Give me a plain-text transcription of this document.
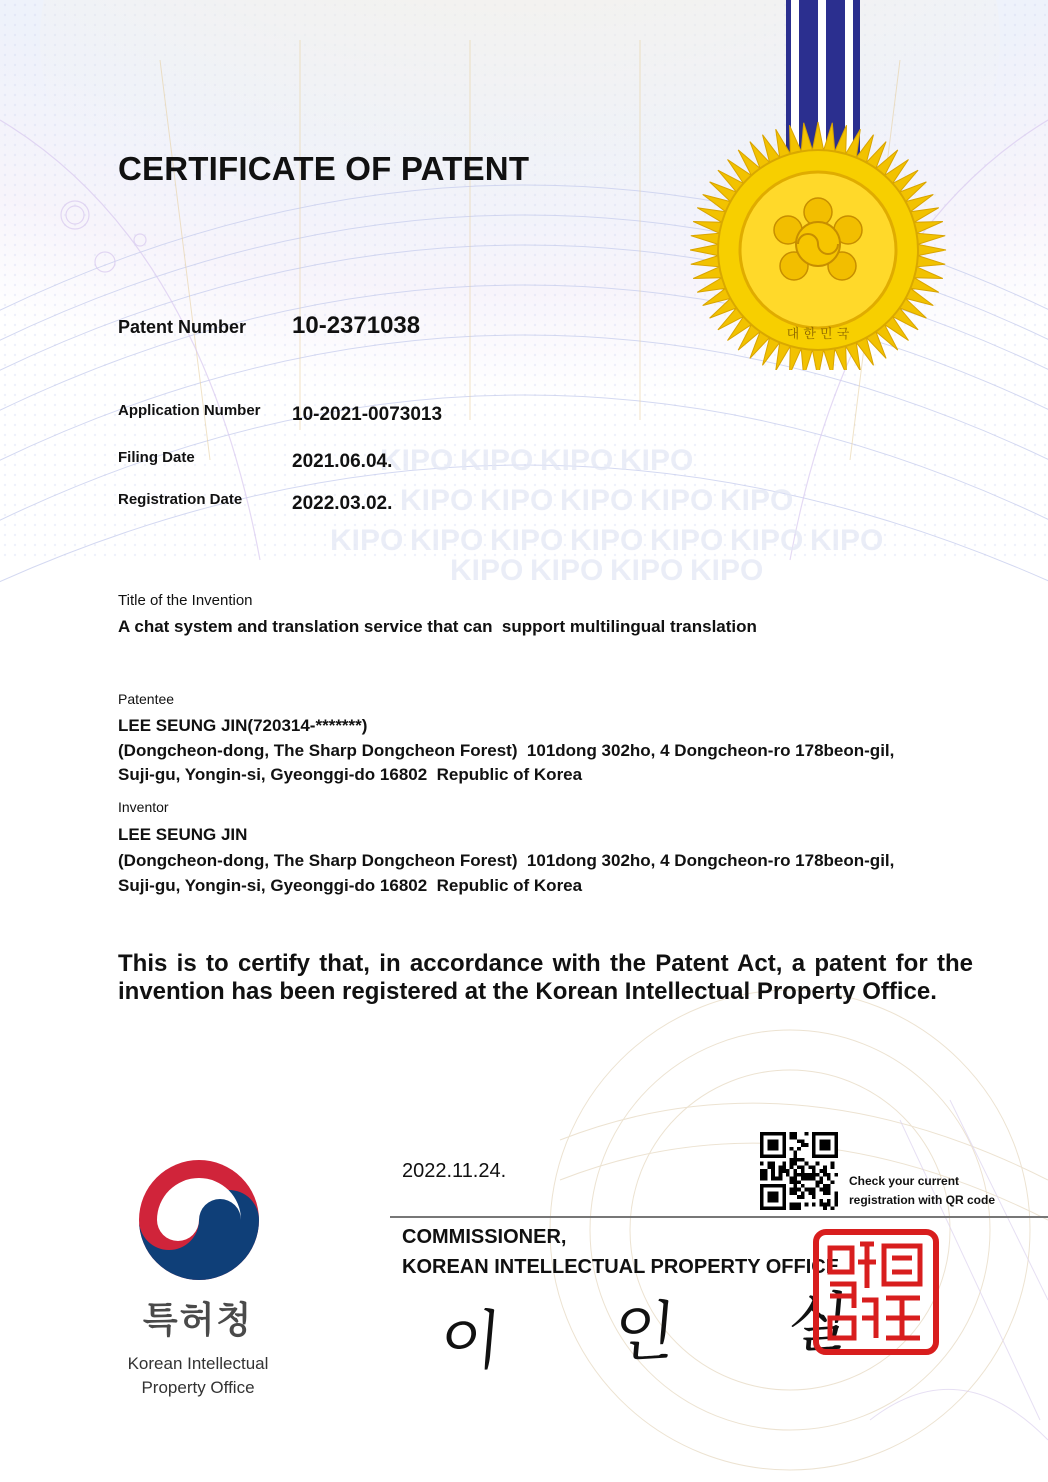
KIPO KIPO KIPO KIPO
KIPO KIPO KIPO KIPO KIPO
KIPO KIPO KIPO KIPO KIPO KIPO KIPO
KIPO KIPO KIPO KIPO
대 한 민 국
CERTIFICATE OF PATENT
Patent Number 10-2371038
Application Number 10-2021-0073013
Filing Date	2021.06.04.
Registration Date	2022.03.02.
Title of the Invention
A chat system and translation service that can  support multilingual translation
Patentee
LEE SEUNG JIN(720314-*******)
(Dongcheon-dong, The Sharp Dongcheon Forest)  101dong 302ho, 4 Dongcheon-ro 178beon-gil,
Suji-gu, Yongin-si, Gyeonggi-do 16802  Republic of Korea
Inventor
LEE SEUNG JIN
(Dongcheon-dong, The Sharp Dongcheon Forest)  101dong 302ho, 4 Dongcheon-ro 178beon-gil,
Suji-gu, Yongin-si, Gyeonggi-do 16802  Republic of Korea
This is to certify that, in accordance with the Patent Act, a patent for the invention has been registered at the Korean Intellectual Property Office.
특허청
Korean Intellectual
Property Office
2022.11.24.	Check your current
registration with QR code
COMMISSIONER,
KOREAN INTELLECTUAL PROPERTY OFFICE
이 인 실
